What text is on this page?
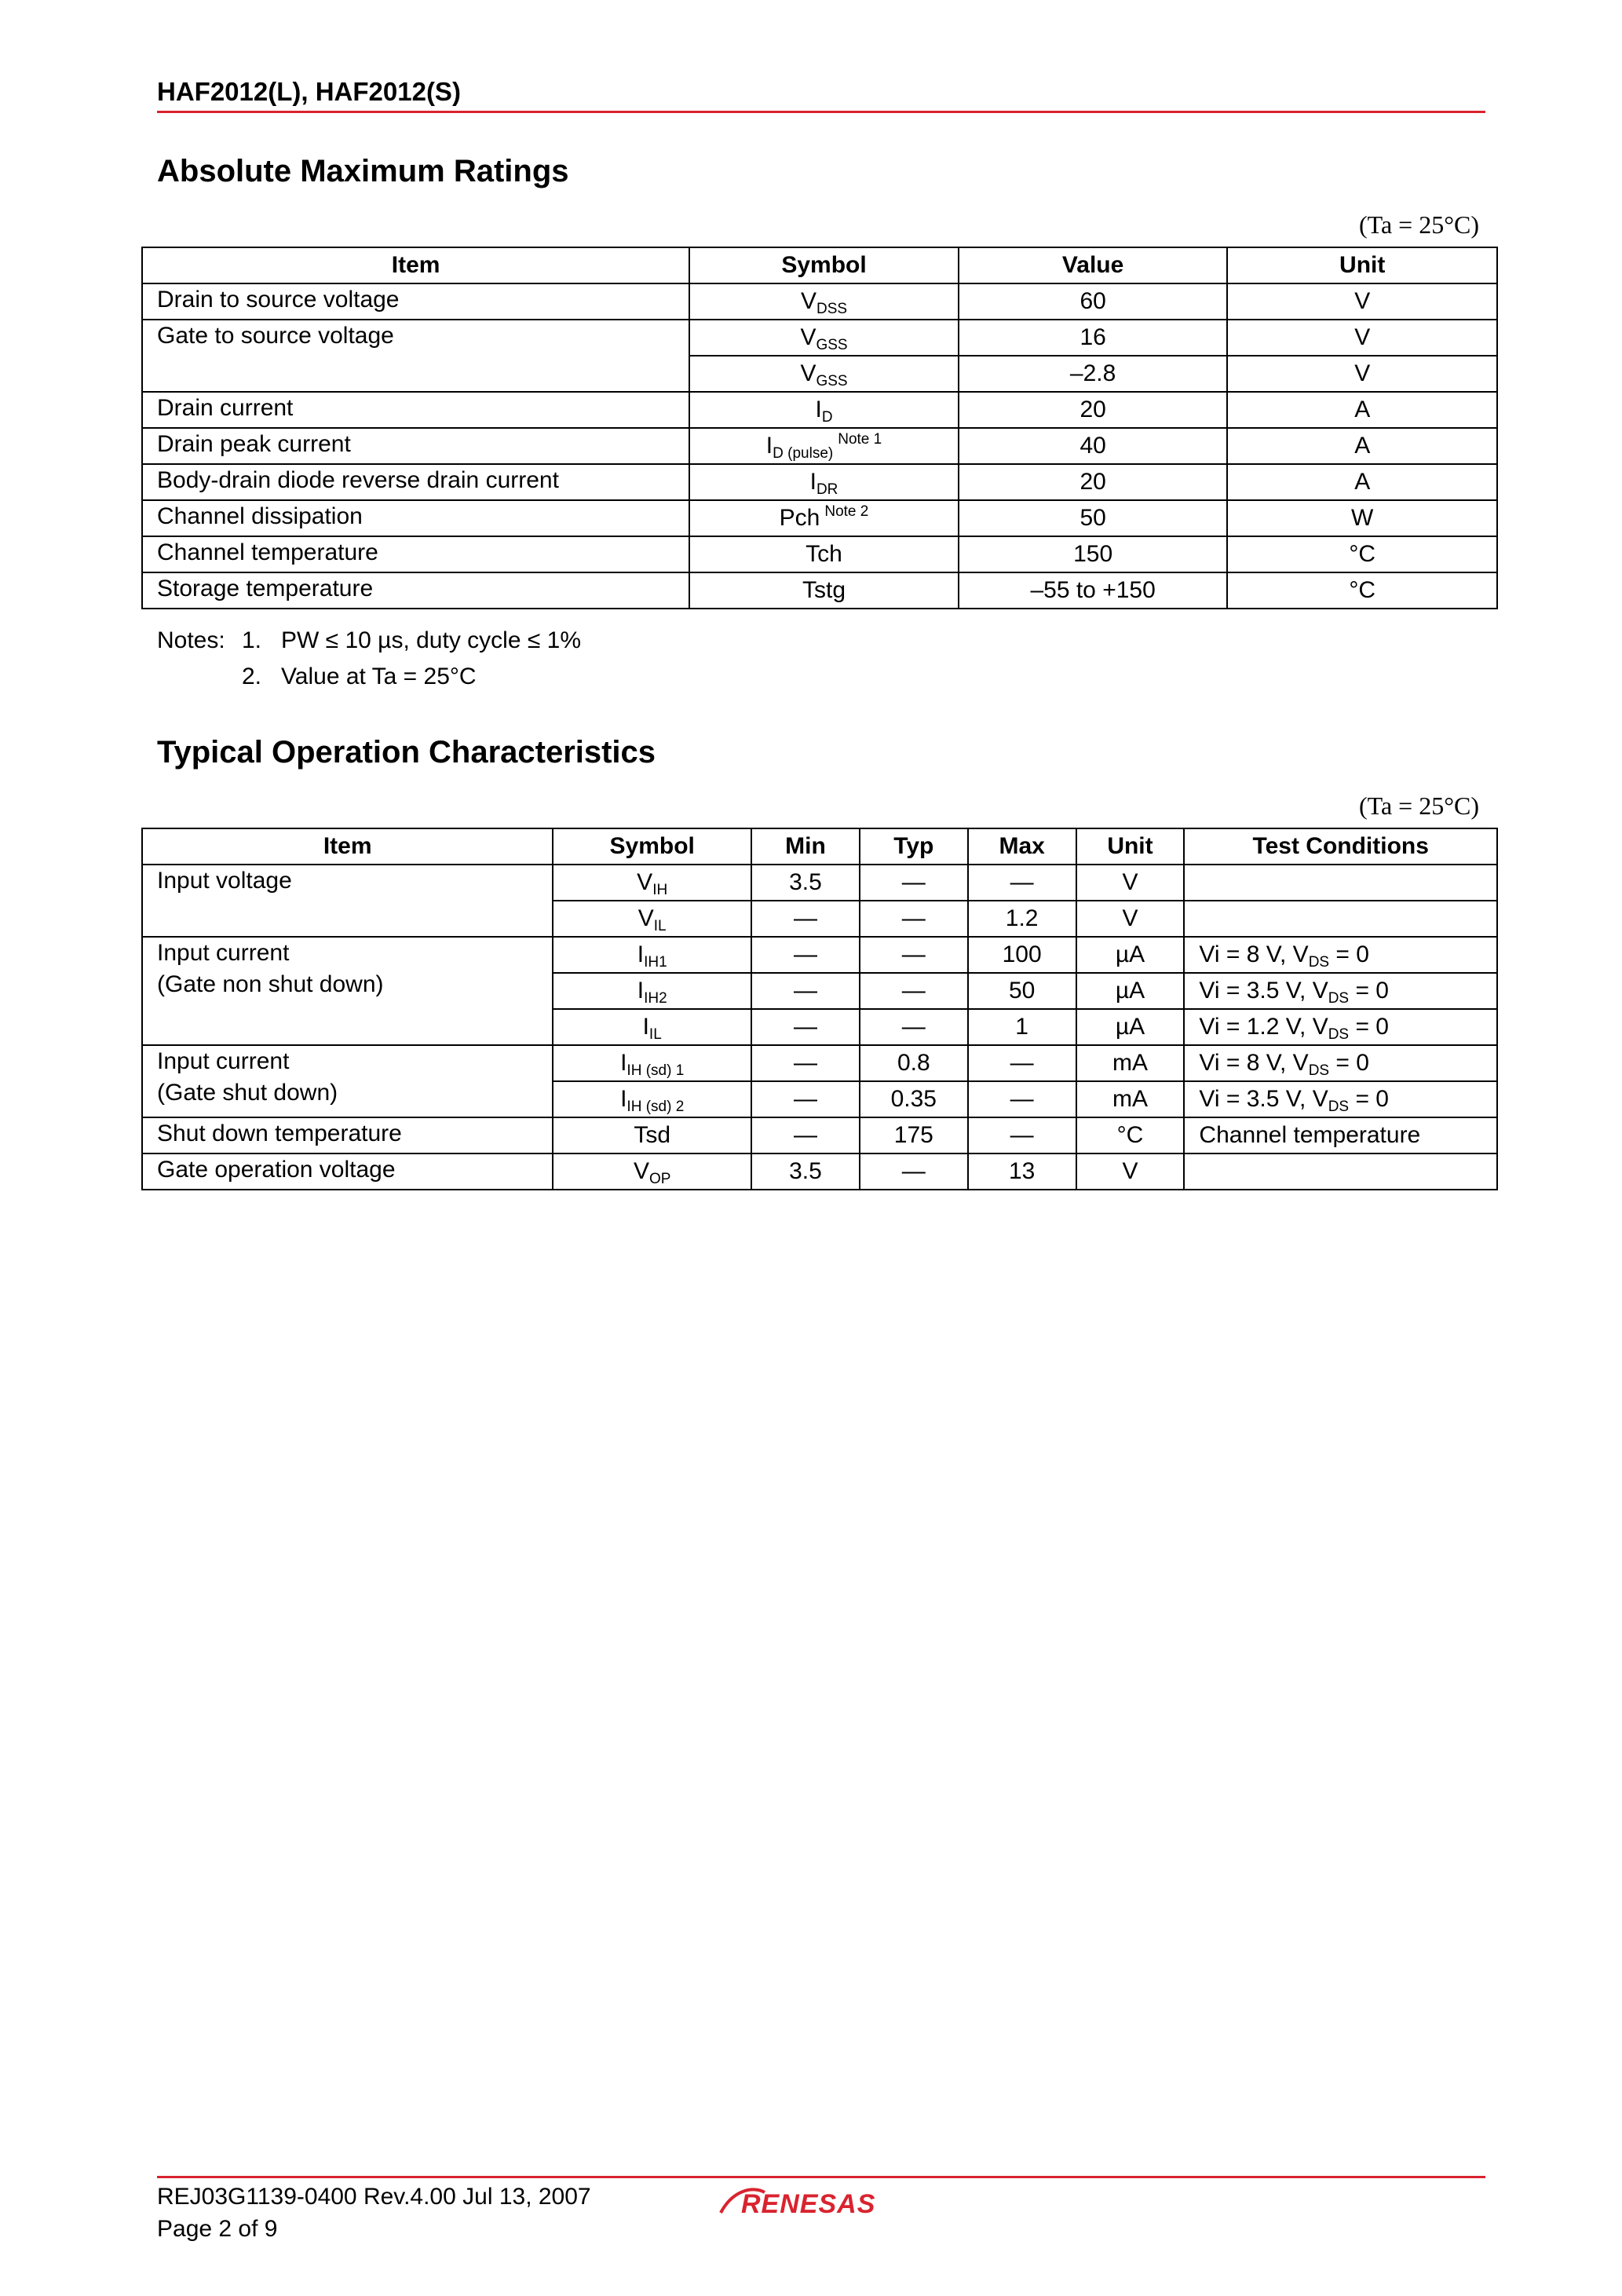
HAF2012(L), HAF2012(S)
Absolute Maximum Ratings
(Ta = 25°C)
Item	Symbol	Value	Unit
Drain to source voltage	$V_{DSS}$	60	V
Gate to source voltage	$V_{GSS}$	16	V
	$V_{GSS}$	–2.8	V
Drain current	$I_D$	20	A
Drain peak current	$I_{D (pulse)}^{Note 1}$	40	A
Body-drain diode reverse drain current	$I_{DR}$	20	A
Channel dissipation	Pch $^{Note 2}$	50	W
Channel temperature	Tch	150	°C
Storage temperature	Tstg	–55 to +150	°C
Notes: 1. PW ≤ 10 µs, duty cycle ≤ 1%
2. Value at Ta = 25°C
Typical Operation Characteristics
(Ta = 25°C)
Item	Symbol	Min	Typ	Max	Unit	Test Conditions
Input voltage	$V_{IH}$	3.5	—	—	V	
	$V_{IL}$	—	—	1.2	V	

Input current
(Gate non shut down)	$I_{IH1}$	—	—	100	µA	Vi = 8 V, $V_{DS} = 0$
	$I_{IH2}$	—	—	50	µA	Vi = 3.5 V, $V_{DS} = 0$
	$I_{IL}$	—	—	1	µA	Vi = 1.2 V, $V_{DS} = 0$

Input current
(Gate shut down)	$I_{IH (sd) 1}$	—	0.8	—	mA	Vi = 8 V, $V_{DS} = 0$
	$I_{IH (sd) 2}$	—	0.35	—	mA	Vi = 3.5 V, $V_{DS} = 0$
Shut down temperature	Tsd	—	175	—	°C	Channel temperature
Gate operation voltage	$V_{OP}$	3.5	—	13	V	
REJ03G1139-0400 Rev.4.00 Jul 13, 2007
Page 2 of 9
RENESAS
